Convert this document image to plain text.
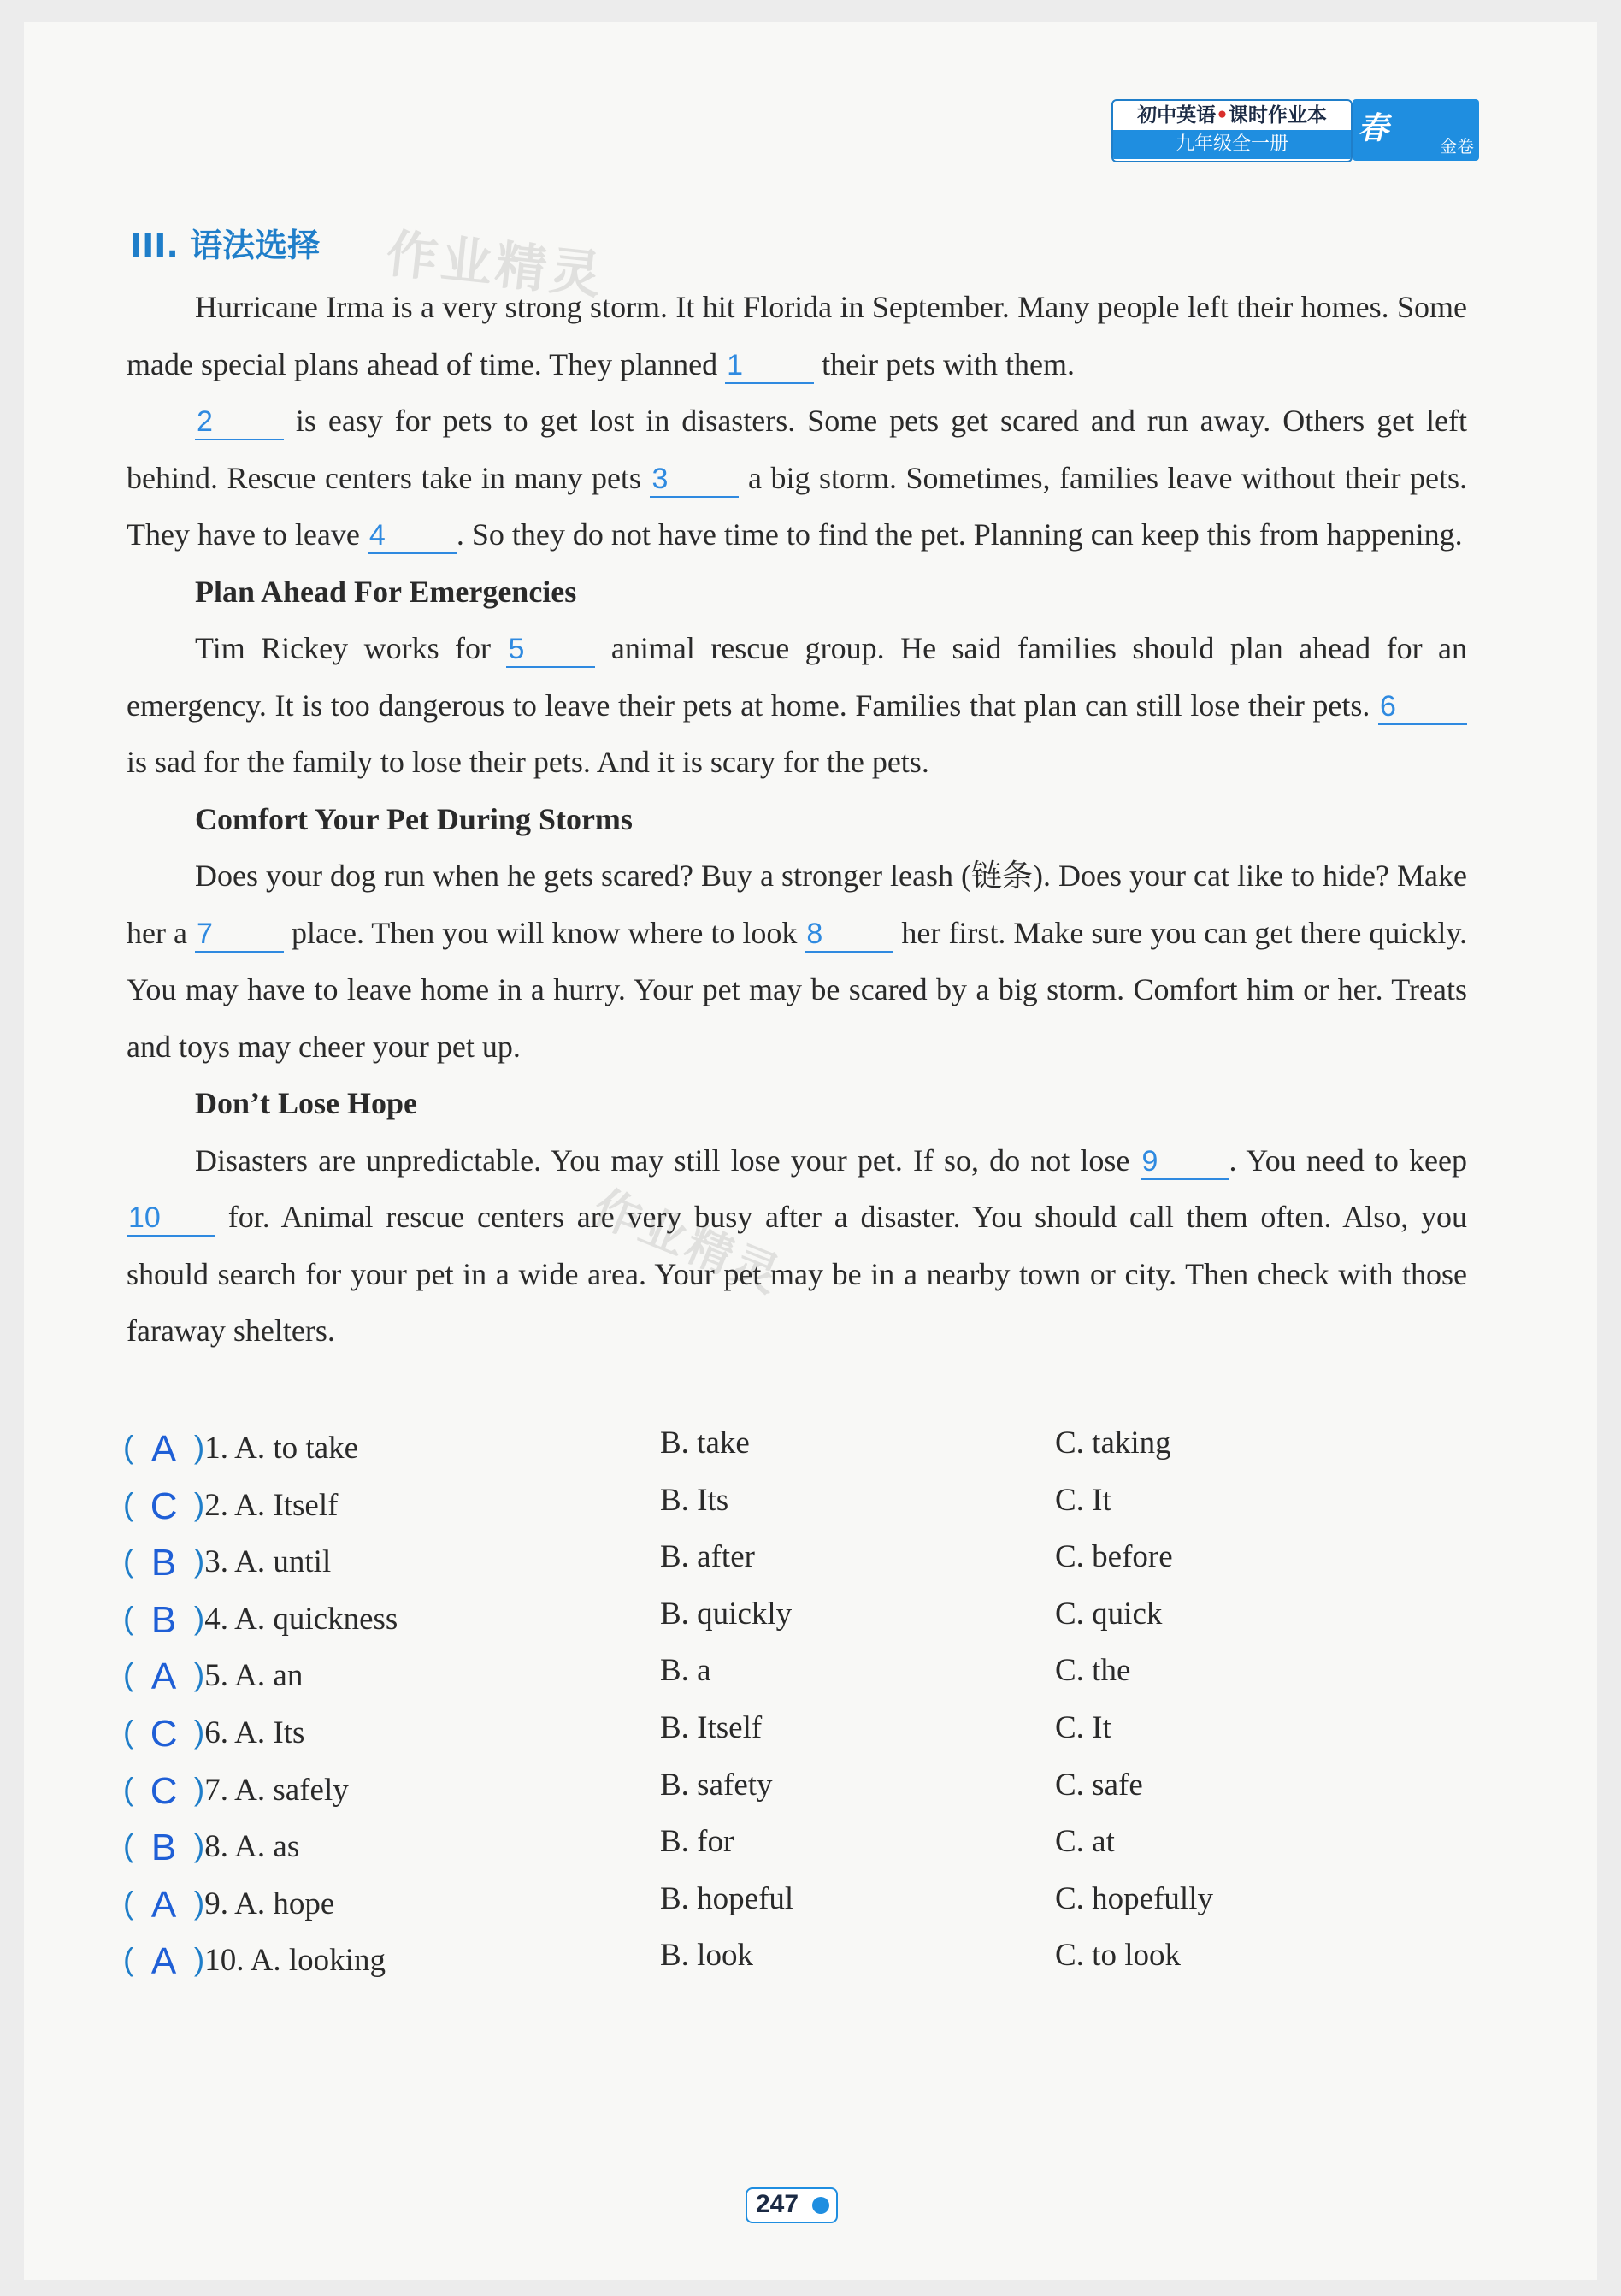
初中英语•课时作业本
九年级全一册	春	金卷
III. 语法选择 作业精灵
作业精灵

Hurricane Irma is a very strong storm. It hit Florida in September. Many people left their homes. Some made special plans ahead of time. They planned 1 their pets with them.

2 is easy for pets to get lost in disasters. Some pets get scared and run away. Others get left behind. Rescue centers take in many pets 3 a big storm. Sometimes, families leave without their pets. They have to leave 4 . So they do not have time to find the pet. Planning can keep this from happening.

Plan Ahead For Emergencies

Tim Rickey works for 5 animal rescue group. He said families should plan ahead for an emergency. It is too dangerous to leave their pets at home. Families that plan can still lose their pets. 6 is sad for the family to lose their pets. And it is scary for the pets.

Comfort Your Pet During Storms

Does your dog run when he gets scared? Buy a stronger leash (链条). Does your cat like to hide? Make her a 7 place. Then you will know where to look 8 her first. Make sure you can get there quickly. You may have to leave home in a hurry. Your pet may be scared by a big storm. Comfort him or her. Treats and toys may cheer your pet up.

Don’t Lose Hope

Disasters are unpredictable. You may still lose your pet. If so, do not lose 9 . You need to keep 10 for. Animal rescue centers are very busy after a disaster. You should call them often. Also, you should search for your pet in a wide area. Your pet may be in a nearby town or city. Then check with those faraway shelters.

( A )1. A. to take	B. take	C. taking
( C )2. A. Itself	B. Its	C. It
( B )3. A. until	B. after	C. before
( B )4. A. quickness	B. quickly	C. quick
( A )5. A. an	B. a	C. the
( C )6. A. Its	B. Itself	C. It
( C )7. A. safely	B. safety	C. safe
( B )8. A. as	B. for	C. at
( A )9. A. hope	B. hopeful	C. hopefully
( A )10. A. looking	B. look	C. to look
247
